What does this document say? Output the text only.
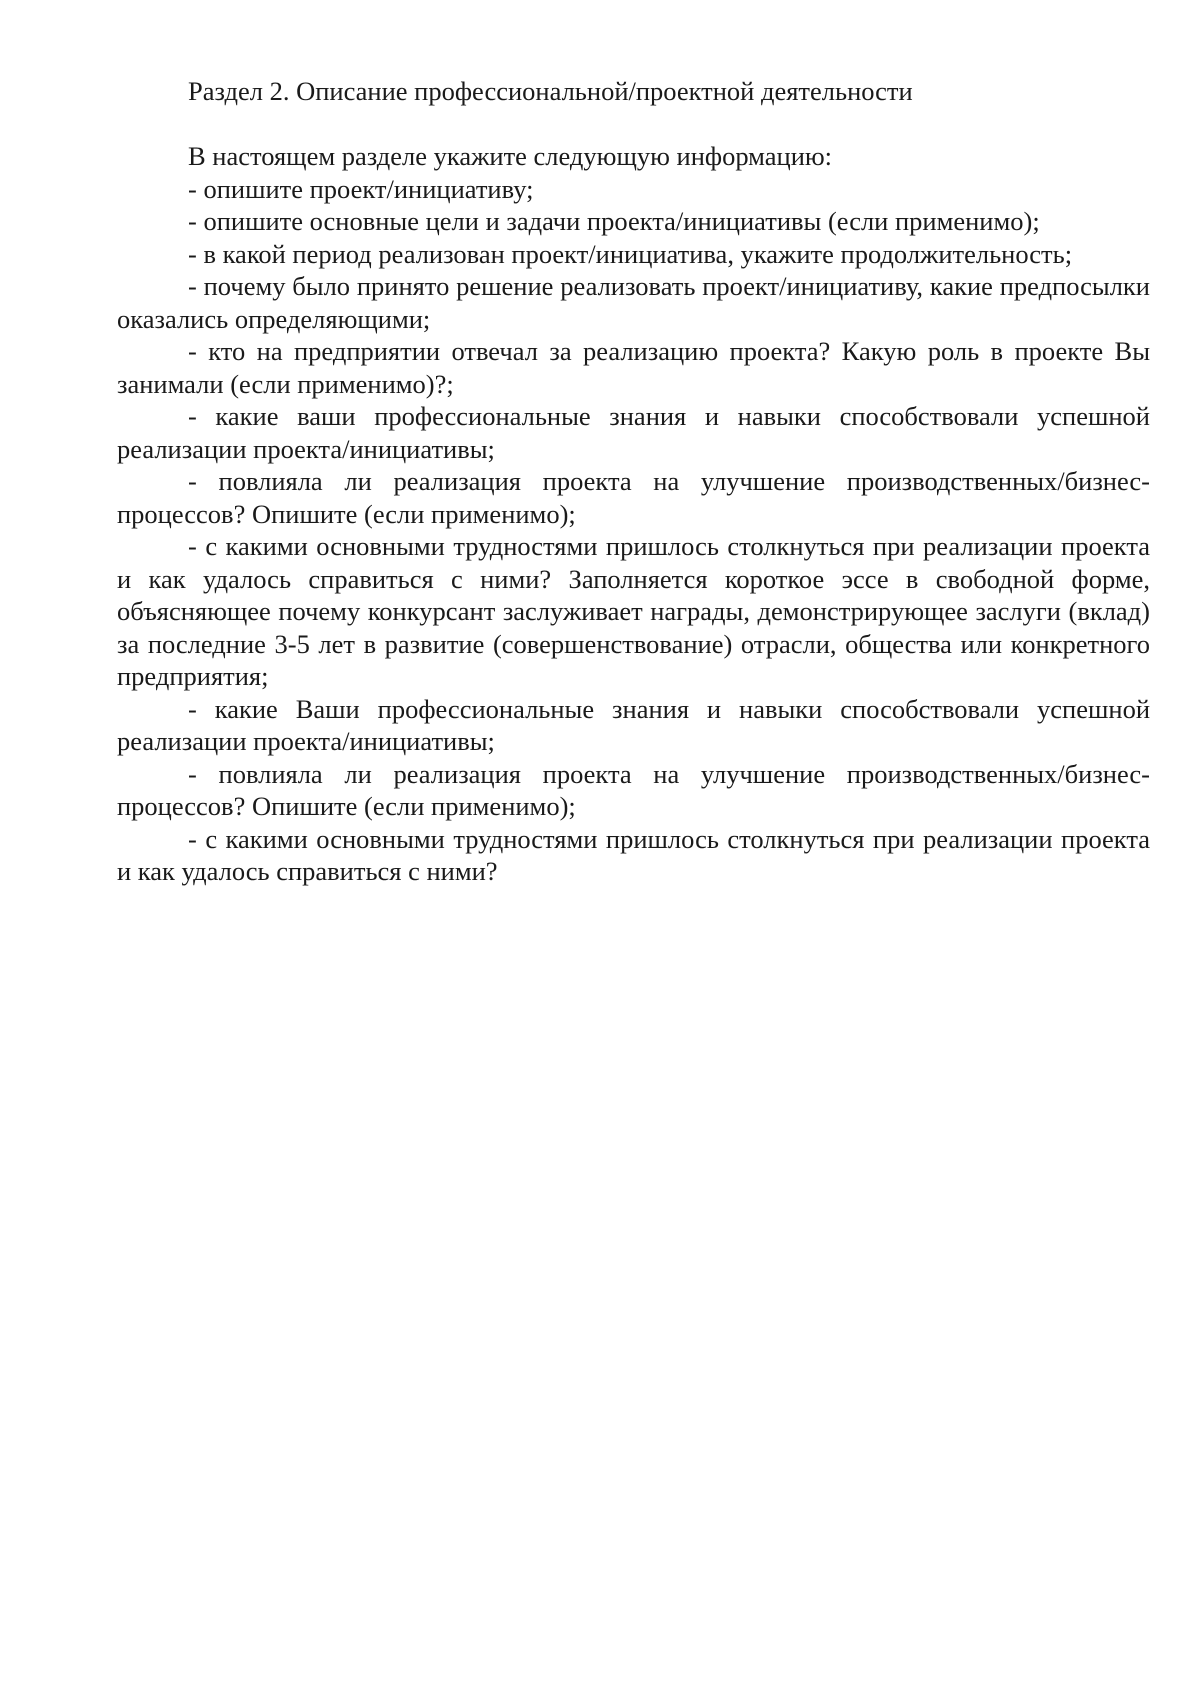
Раздел 2. Описание профессиональной/проектной деятельности

В настоящем разделе укажите следующую информацию:

- опишите проект/инициативу;
- опишите основные цели и задачи проекта/инициативы (если применимо);
- в какой период реализован проект/инициатива, укажите продолжительность;
- почему было принято решение реализовать проект/инициативу, какие предпосылки оказались определяющими;
- кто на предприятии отвечал за реализацию проекта? Какую роль в проекте Вы занимали (если применимо)?;
- какие ваши профессиональные знания и навыки способствовали успешной реализации проекта/инициативы;
- повлияла ли реализация проекта на улучшение производственных/бизнес-процессов? Опишите (если применимо);
- с какими основными трудностями пришлось столкнуться при реализации проекта и как удалось справиться с ними? Заполняется короткое эссе в свободной форме, объясняющее почему конкурсант заслуживает награды, демонстрирующее заслуги (вклад) за последние 3-5 лет в развитие (совершенствование) отрасли, общества или конкретного предприятия;
- какие Ваши профессиональные знания и навыки способствовали успешной реализации проекта/инициативы;
- повлияла ли реализация проекта на улучшение производственных/бизнес-процессов? Опишите (если применимо);
- с какими основными трудностями пришлось столкнуться при реализации проекта и как удалось справиться с ними?
